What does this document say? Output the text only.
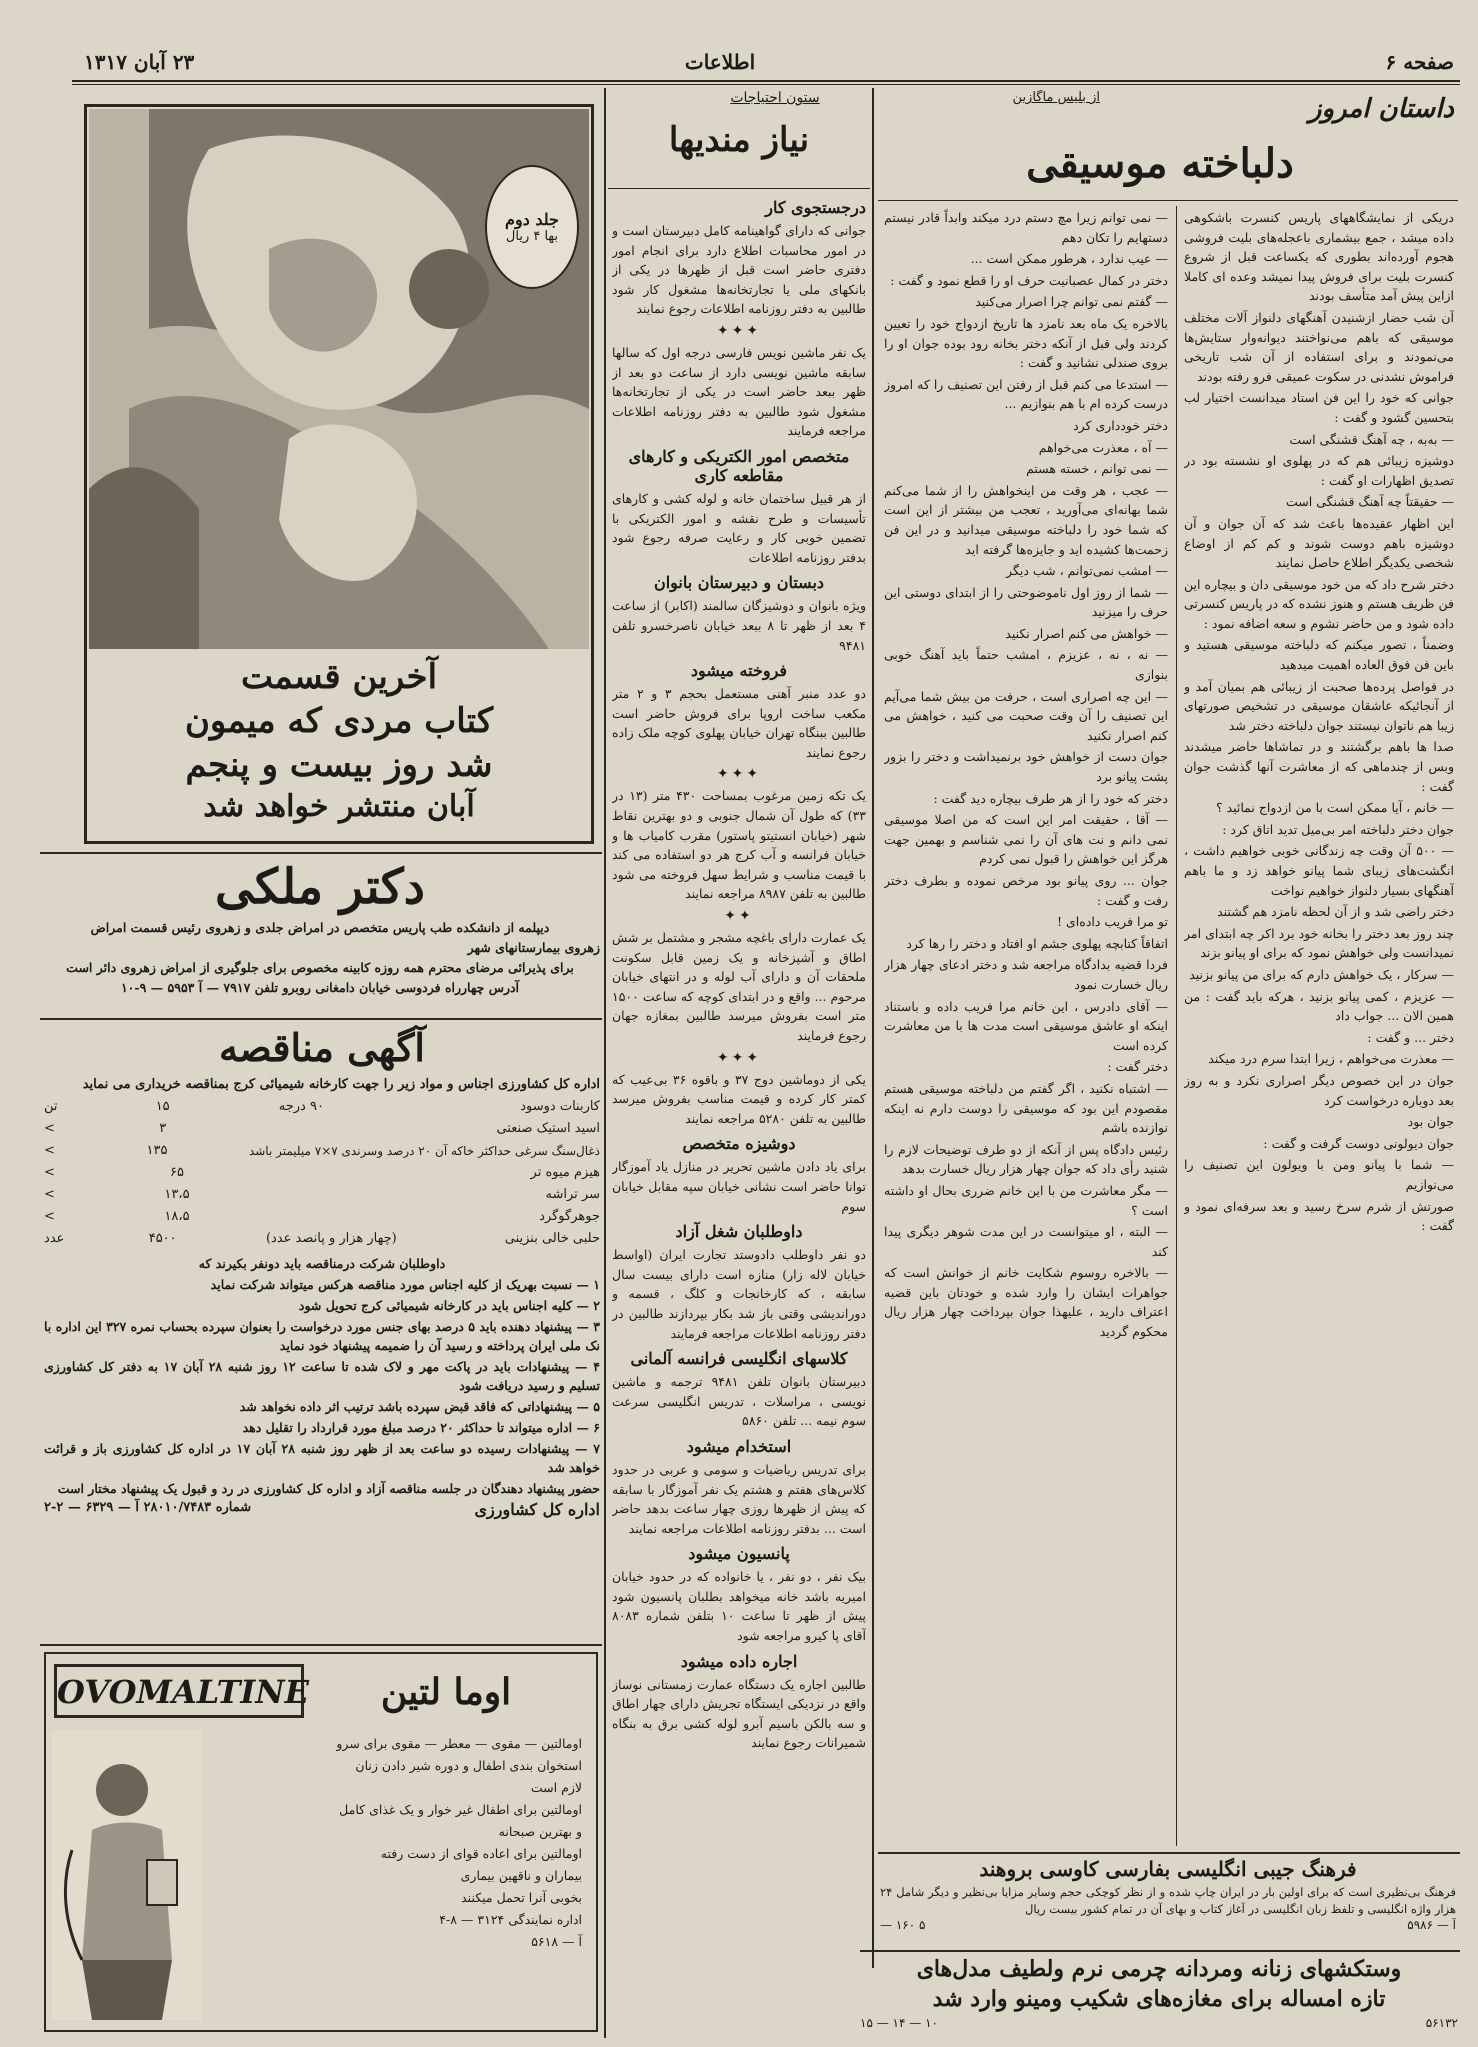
صفحه ۶
اطلاعات
۲۳ آبان ۱۳۱۷
داستان امروز
از بلیس ماگازین
دلباخته موسیقی

دریکی از نمایشگاههای پاریس کنسرت باشکوهی داده میشد ، جمع بیشماری باعجله‌های بلیت فروشی هجوم آورده‌اند بطوری که یکساعت قبل از شروع کنسرت بلیت برای فروش پیدا نمیشد وعده ای کاملا ازاین پیش آمد متأسف بودند

آن شب حضار ازشنیدن آهنگهای دلنواز آلات مختلف موسیقی که باهم می‌نواختند دیوانه‌وار ستایش‌ها می‌نمودند و برای استفاده از آن شب تاریخی فراموش نشدنی در سکوت عمیقی فرو رفته بودند

جوانی که خود را این فن استاد میدانست اختیار لب بتحسین گشود و گفت :

— به‌به ، چه آهنگ قشنگی است

دوشیزه زیبائی هم که در پهلوی او نشسته بود در تصدیق اظهارات او گفت :

— حقیقتاً چه آهنگ قشنگی است

این اظهار عقیده‌ها باعث شد که آن جوان و آن دوشیزه باهم دوست شوند و کم کم از اوضاع شخصی یکدیگر اطلاع حاصل نمایند

دختر شرح داد که من خود موسیقی دان و بیچاره این فن ظریف هستم و هنوز نشده که در پاریس کنسرتی داده شود و من حاضر نشوم و سعه اضافه نمود :

وضمناً ، تصور میکنم که دلباخته موسیقی هستید و باین فن فوق العاده اهمیت میدهید

در فواصل پرده‌ها صحبت از زیبائی هم بمیان آمد و از آنجائیکه عاشقان موسیقی در تشخیص صورتهای زیبا هم ناتوان نیستند جوان دلباخته دختر شد

صدا ها باهم برگشتند و در تماشاها حاضر میشدند وبس از چندماهی که از معاشرت آنها گذشت جوان گفت :

— خانم ، آیا ممکن است با من ازدواج نمائید ؟

جوان دختر دلباخته امر بی‌میل تدید اتاق کرد :

— ۵۰۰ آن وقت چه زندگانی خوبی خواهیم داشت ، انگشت‌های زیبای شما پیانو خواهد زد و ما باهم آهنگهای بسیار دلنواز خواهیم نواخت

دختر راضی شد و از آن لحظه نامزد هم گشتند

چند روز بعد دختر را بخانه خود برد اکر چه ابتدای امر نمیدانست ولی خواهش نمود که برای او پیانو بزند

— سرکار ، یک خواهش دارم که برای من پیانو بزنید

— عزیزم ، کمی پیانو بزنید ، هرکه باید گفت : من همین الان ... جواب داد

دختر ... و گفت :

— معذرت می‌خواهم ، زیرا ابتدا سرم درد میکند

جوان در این خصوص دیگر اصراری نکرد و به روز بعد دوباره درخواست کرد

جوان بود

جوان دیولونی دوست گرفت و گفت :

— شما با پیانو ومن با ویولون این تصنیف را می‌نوازیم

صورتش از شرم سرخ رسید و بعد سرفه‌ای نمود و گفت :

— نمی توانم زیرا مچ دستم درد میکند وابداً قادر نیستم دستهایم را تکان دهم

— عیب ندارد ، هرطور ممکن است ...

دختر در کمال عصبانیت حرف او را قطع نمود و گفت :

— گفتم نمی توانم چرا اصرار می‌کنید

بالاخره یک ماه بعد نامزد ها تاریخ ازدواج خود را تعیین کردند ولی قبل از آنکه دختر بخانه رود بوده جوان او را بروی صندلی نشانید و گفت :

— استدعا می کنم قبل از رفتن این تصنیف را که امروز درست کرده ام با هم بنوازیم ...

دختر خودداری کرد

— آه ، معذرت می‌خواهم

— نمی توانم ، خسته هستم

— عجب ، هر وقت من اینخواهش را از شما می‌کنم شما بهانه‌ای می‌آورید ، تعجب من بیشتر از این است که شما خود را دلباخته موسیقی میدانید و در این فن زحمت‌ها کشیده اید و جایزه‌ها گرفته اید

— امشب نمی‌توانم ، شب دیگر

— شما از روز اول ناموضوحتی را از ابتدای دوستی این حرف را میزنید

— خواهش می کنم اصرار نکنید

— نه ، نه ، عزیزم ، امشب حتماً باید آهنگ خوبی بنوازی

— این چه اصراری است ، حرفت من بیش شما می‌آیم این تصنیف را آن وقت صحبت می کنید ، خواهش می کنم اصرار نکنید

جوان دست از خواهش خود برنمیداشت و دختر را بزور پشت پیانو برد

دختر که خود را از هر طرف بیچاره دید گفت :

— آقا ، حقیقت امر این است که من اصلا موسیقی نمی دانم و نت های آن را نمی شناسم و بهمین جهت هرگز این خواهش را قبول نمی کردم

جوان ... روی پیانو بود مرخص نموده و بطرف دختر رفت و گفت :

تو مرا فریب داده‌ای !

اتفاقاً کتابچه پهلوی جشم او افتاد و دختر را رها کرد

فردا قضیه بدادگاه مراجعه شد و دختر ادعای چهار هزار ریال خسارت نمود

— آقای دادرس ، این خانم مرا فریب داده و باستناد اینکه او عاشق موسیقی است مدت ها با من معاشرت کرده است

دختر گفت :

— اشتباه نکنید ، اگر گفتم من دلباخته موسیقی هستم مقصودم این بود که موسیقی را دوست دارم نه اینکه نوازنده باشم

رئیس دادگاه پس از آنکه از دو طرف توضیحات لازم را شنید رأی داد که جوان چهار هزار ریال خسارت بدهد

— مگر معاشرت من با این خانم ضرری بحال او داشته است ؟

— البته ، او میتوانست در این مدت شوهر دیگری پیدا کند

— بالاخره روسوم شکایت خانم از خوانش است که جواهرات ایشان را وارد شده و خودتان باین قضیه اعتراف دارید ، علیهذا جوان بپرداخت چهار هزار ریال محکوم گردید

فرهنگ جیبی انگلیسی بفارسی کاوسی بروهند
فرهنگ بی‌نظیری است که برای اولین بار در ایران چاپ شده و از نظر کوچکی حجم وسایر مزایا بی‌نظیر و دیگر شامل ۲۴ هزار واژه انگلیسی و تلفظ زبان انگلیسی در آغاز کتاب و بهای آن در تمام کشور بیست ریال
آ — ۵۹۸۶
۵ ۱۶۰ —
وستکشهای زنانه ومردانه چرمی نرم ولطیف مدل‌های
تازه امساله برای مغازه‌های شکیب ومینو وارد شد
۵۶۱۳۲
۱۰ — ۱۴ — ۱۵
ستون احتیاجات
نیاز مندیها
درجستجوی کار
جوانی که دارای گواهینامه کامل دبیرستان است و در امور محاسبات اطلاع دارد برای انجام امور دفتری حاضر است قبل از ظهرها در یکی از بانکهای ملی یا تجارتخانه‌ها مشغول کار شود طالبین به دفتر روزنامه اطلاعات رجوع نمایند
✦✦✦
یک نفر ماشین نویس فارسی درجه اول که سالها سابقه ماشین نویسی دارد از ساعت دو بعد از ظهر ببعد حاضر است در یکی از تجارتخانه‌ها مشغول شود طالبین به دفتر روزنامه اطلاعات مراجعه فرمایند
متخصص امور الکتریکی و کارهای مقاطعه کاری
از هر قبیل ساختمان خانه و لوله کشی و کارهای تأسیسات و طرح نقشه و امور الکتریکی با تضمین خوبی کار و رعایت صرفه رجوع شود بدفتر روزنامه اطلاعات
دبستان و دبیرستان بانوان
ویژه بانوان و دوشیزگان سالمند (اکابر) از ساعت ۴ بعد از ظهر تا ۸ ببعد خیابان ناصرخسرو تلفن ۹۴۸۱
فروخته میشود
دو عدد منبر آهنی مستعمل بحجم ۳ و ۲ متر مکعب ساخت اروپا برای فروش حاضر است طالبین ببنگاه تهران خیابان پهلوی کوچه ملک زاده رجوع نمایند
✦✦✦
یک تکه زمین مرغوب بمساحت ۴۳۰ متر (۱۳ در ۳۳) که طول آن شمال جنوبی و دو بهترین نقاط شهر (خیابان انستیتو پاستور) مقرب کامیاب ها و خیابان فرانسه و آب کرج هر دو استفاده می کند با قیمت مناسب و شرایط سهل فروخته می شود طالبین به تلفن ۸۹۸۷ مراجعه نمایند
✦✦
یک عمارت دارای باغچه مشجر و مشتمل بر شش اطاق و آشپزخانه و یک زمین قابل سکونت ملحقات آن و دارای آب لوله و در انتهای خیابان مرحوم ... واقع و در ابتدای کوچه که ساعت ۱۵۰۰ متر است بفروش میرسد طالبین بمغازه جهان رجوع فرمایند
✦✦✦
یکی از دوماشین دوج ۳۷ و باقوه ۳۶ بی‌عیب که کمتر کار کرده و قیمت مناسب بفروش میرسد طالبین به تلفن ۵۲۸۰ مراجعه نمایند
دوشیزه متخصص
برای یاد دادن ماشین تحریر در منازل یاد آموزگار توانا حاضر است نشانی خیابان سپه مقابل خیابان سوم
داوطلبان شغل آزاد
دو نفر داوطلب دادوستد تجارت ایران (اواسط خیابان لاله زار) منازه است دارای بیست سال سابقه ، که کارخانجات و کلگ ، قسمه و دوراندیشی وقتی باز شد بکار بپردازند طالبین در دفتر روزنامه اطلاعات مراجعه فرمایند
کلاسهای انگلیسی فرانسه آلمانی
دبیرستان بانوان تلفن ۹۴۸۱ ترجمه و ماشین نویسی ، مراسلات ، تدریس انگلیسی سرعت سوم نیمه ... تلفن ۵۸۶۰
استخدام میشود
برای تدریس ریاضیات و سومی و عربی در حدود کلاس‌های هفتم و هشتم یک نفر آموزگار با سابقه که پیش از ظهرها روزی چهار ساعت بدهد حاضر است ... بدفتر روزنامه اطلاعات مراجعه نمایند
پانسیون میشود
بیک نفر ، دو نفر ، یا خانواده که در حدود خیابان امیریه باشد خانه میخواهد بطلبان پانسیون شود پیش از ظهر تا ساعت ۱۰ بتلفن شماره ۸۰۸۳ آقای پا کیرو مراجعه شود
اجاره داده میشود
طالبین اجاره یک دستگاه عمارت زمستانی نوساز واقع در نزدیکی ایستگاه تجریش دارای چهار اطاق و سه بالکن باسیم آبرو لوله کشی برق به بنگاه شمیرانات رجوع نمایند
جلد دوم
بها ۴ ریال
آخرین قسمت
کتاب مردی که میمون
شد روز بیست و پنجم
آبان منتشر خواهد شد
دکتر ملکی
دیپلمه از دانشکده طب پاریس متخصص در امراض جلدی و زهروی رئیس قسمت امراض
زهروی بیمارستانهای شهر
برای پذیرائی مرضای محترم همه روزه کابینه مخصوص برای جلوگیری از امراض زهروی دائر است
آدرس چهارراه فردوسی خیابان دامغانی روبرو تلفن ۷۹۱۷ — آ ۵۹۵۳ — ۹-۱۰
آگهی مناقصه
اداره کل کشاورزی اجناس و مواد زیر را جهت کارخانه شیمیائی کرج بمناقصه خریداری می نماید
کاربنات دوسود
۹۰ درجه
۱۵
تن
اسید استیک صنعتی
۳
>
ذغال‌سنگ سرغی حداکثر خاکه آن ۲۰ درصد وسرندی ۷×۷ میلیمتر باشد
۱۳۵
>
هیزم میوه تر
۶۵
>
سر تراشه
۱۳،۵
>
جوهرگوگرد
۱۸،۵
>
حلبی خالی بنزینی
(چهار هزار و پانصد عدد)
۴۵۰۰
عدد

داوطلبان شرکت درمناقصه باید دونفر بکیرند که

۱ — نسبت بهریک از کلیه اجناس مورد مناقصه هرکس میتواند شرکت نماید

۲ — کلیه اجناس باید در کارخانه شیمیائی کرج تحویل شود

۳ — پیشنهاد دهنده باید ۵ درصد بهای جنس مورد درخواست را بعنوان سپرده بحساب نمره ۳۲۷ این اداره با نک ملی ایران پرداخته و رسید آن را ضمیمه پیشنهاد خود نماید

۴ — پیشنهادات باید در پاکت مهر و لاک شده تا ساعت ۱۲ روز شنبه ۲۸ آبان ۱۷ به دفتر کل کشاورزی تسلیم و رسید دریافت شود

۵ — پیشنهاداتی که فاقد قبض سپرده باشد ترتیب اثر داده نخواهد شد

۶ — اداره میتواند تا حداکثر ۲۰ درصد مبلغ مورد قرارداد را تقلیل دهد

۷ — پیشنهادات رسیده دو ساعت بعد از ظهر روز شنبه ۲۸ آبان ۱۷ در اداره کل کشاورزی باز و قرائت خواهد شد

حضور پیشنهاد دهندگان در جلسه مناقصه آزاد و اداره کل کشاورزی در رد و قبول یک پیشنهاد مختار است

اداره کل کشاورزی
شماره ۲۸۰۱۰/۷۴۸۳ آ — ۶۳۲۹ — ۲-۲
OVOMALTINE	اوما لتین

اومالتین — مقوی — معطر — مقوی برای سرو

استخوان بندی اطفال و دوره شیر دادن زنان

لازم است

اومالتین برای اطفال غیر خوار و یک غذای کامل

و بهترین صبحانه

اومالتین برای اعاده قوای از دست رفته

بیماران و ناقهین بیماری

بخوبی آنرا تحمل میکنند

اداره نمایندگی ۳۱۲۴ — ۸-۴

آ — ۵۶۱۸
